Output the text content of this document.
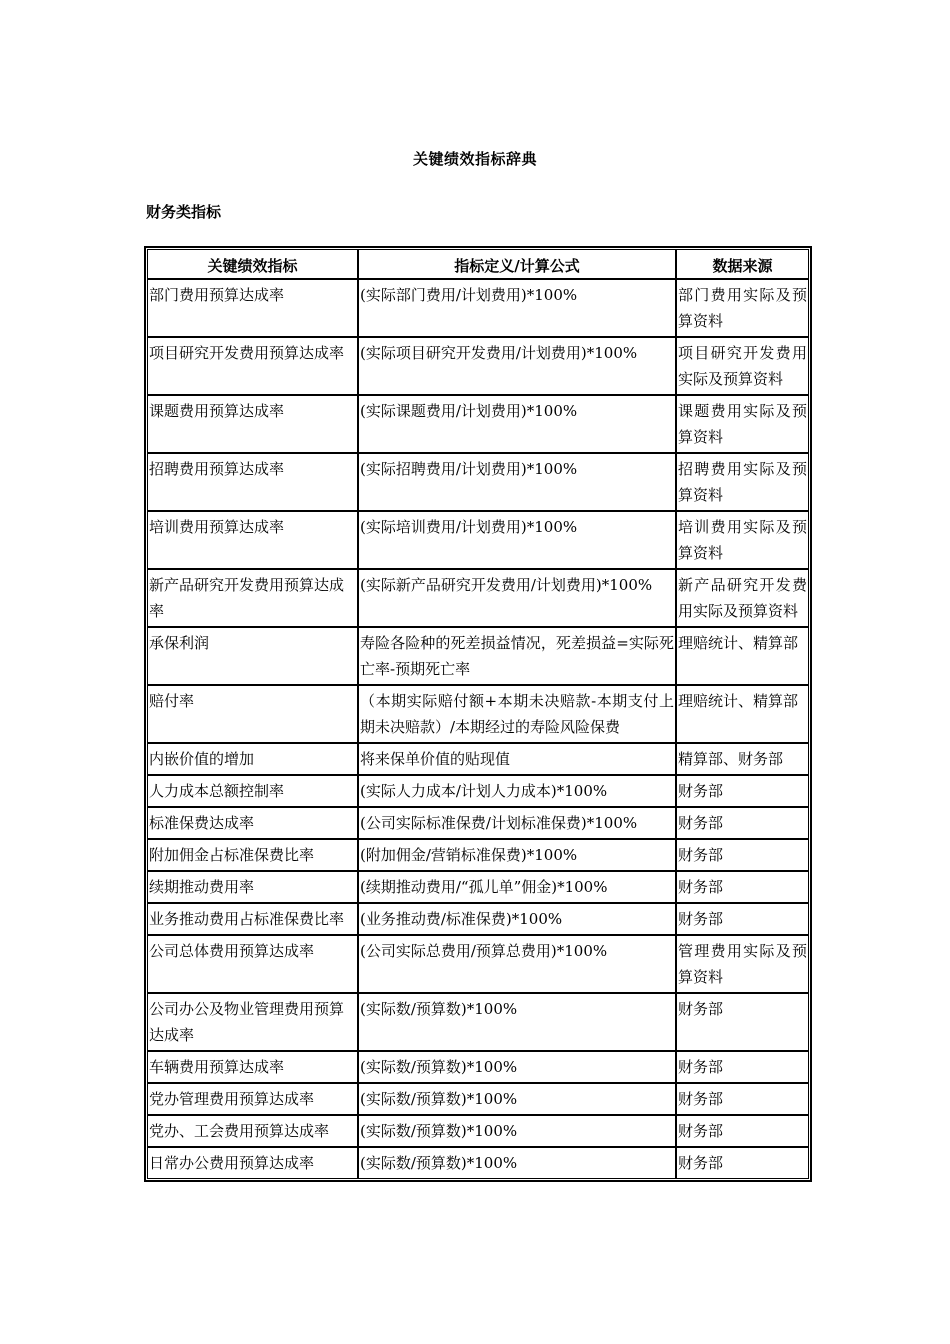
关键绩效指标辞典
财务类指标
关键绩效指标	指标定义/计算公式	数据来源
部门费用预算达成率	(实际部门费用/计划费用)*100%	部门费用实际及预算资料
项目研究开发费用预算达成率	(实际项目研究开发费用/计划费用)*100%	项目研究开发费用实际及预算资料
课题费用预算达成率	(实际课题费用/计划费用)*100%	课题费用实际及预算资料
招聘费用预算达成率	(实际招聘费用/计划费用)*100%	招聘费用实际及预算资料
培训费用预算达成率	(实际培训费用/计划费用)*100%	培训费用实际及预算资料
新产品研究开发费用预算达成率	(实际新产品研究开发费用/计划费用)*100%	新产品研究开发费用实际及预算资料
承保利润	寿险各险种的死差损益情况，死差损益=实际死亡率-预期死亡率	理赔统计、精算部
赔付率	（本期实际赔付额+本期未决赔款-本期支付上期未决赔款）/本期经过的寿险风险保费	理赔统计、精算部
内嵌价值的增加	将来保单价值的贴现值	精算部、财务部
人力成本总额控制率	(实际人力成本/计划人力成本)*100%	财务部
标准保费达成率	(公司实际标准保费/计划标准保费)*100%	财务部
附加佣金占标准保费比率	(附加佣金/营销标准保费)*100%	财务部
续期推动费用率	(续期推动费用/“孤儿单”佣金)*100%	财务部
业务推动费用占标准保费比率	(业务推动费/标准保费)*100%	财务部
公司总体费用预算达成率	(公司实际总费用/预算总费用)*100%	管理费用实际及预算资料
公司办公及物业管理费用预算达成率	(实际数/预算数)*100%	财务部
车辆费用预算达成率	(实际数/预算数)*100%	财务部
党办管理费用预算达成率	(实际数/预算数)*100%	财务部
党办、工会费用预算达成率	(实际数/预算数)*100%	财务部
日常办公费用预算达成率	(实际数/预算数)*100%	财务部
